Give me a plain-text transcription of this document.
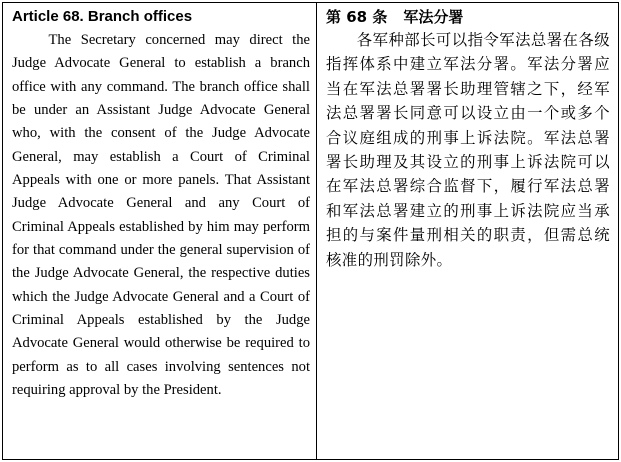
Article 68. Branch offices

The Secretary concerned may direct the Judge Advocate General to establish a branch office with any command. The branch office shall be under an Assistant Judge Advocate General who, with the consent of the Judge Advocate General, may establish a Court of Criminal Appeals with one or more panels. That Assistant Judge Advocate General and any Court of Criminal Appeals established by him may perform for that command under the general supervision of the Judge Advocate General, the respective duties which the Judge Advocate General and a Court of Criminal Appeals established by the Judge Advocate General would otherwise be required to perform as to all cases involving sentences not requiring approval by the President.

第 68 条 军法分署

各军种部长可以指令军法总署在各级指挥体系中建立军法分署。军法分署应当在军法总署署长助理管辖之下，经军法总署署长同意可以设立由一个或多个合议庭组成的刑事上诉法院。军法总署署长助理及其设立的刑事上诉法院可以在军法总署综合监督下，履行军法总署和军法总署建立的刑事上诉法院应当承担的与案件量刑相关的职责，但需总统核准的刑罚除外。
